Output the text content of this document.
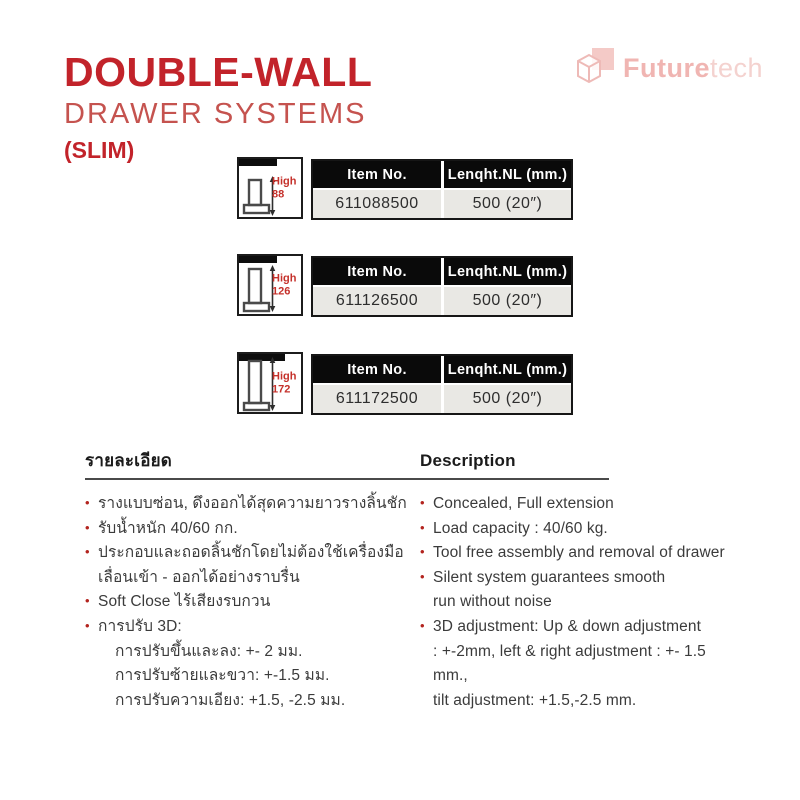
DOUBLE-WALL
DRAWER SYSTEMS
(SLIM)
Futuretech
High
88
Item No.	Lenqht.NL (mm.)
611088500	500 (20″)
High
126
Item No.	Lenqht.NL (mm.)
611126500	500 (20″)
High
172
Item No.	Lenqht.NL (mm.)
611172500	500 (20″)
รายละเอียด
• รางแบบซ่อน, ดึงออกได้สุดความยาวรางลิ้นชัก
• รับน้ำหนัก 40/60 กก.
• ประกอบและถอดลิ้นชักโดยไม่ต้องใช้เครื่องมือ
เลื่อนเข้า - ออกได้อย่างราบรื่น
• Soft Close ไร้เสียงรบกวน
• การปรับ 3D:
การปรับขึ้นและลง: +- 2 มม.
การปรับซ้ายและขวา: +-1.5 มม.
การปรับความเอียง: +1.5, -2.5 มม.
Description
• Concealed, Full extension
• Load capacity : 40/60 kg.
• Tool free assembly and removal of drawer
• Silent system guarantees smooth
run without noise
• 3D adjustment: Up & down adjustment
: +-2mm, left & right adjustment : +- 1.5 mm.,
tilt adjustment: +1.5,-2.5 mm.
